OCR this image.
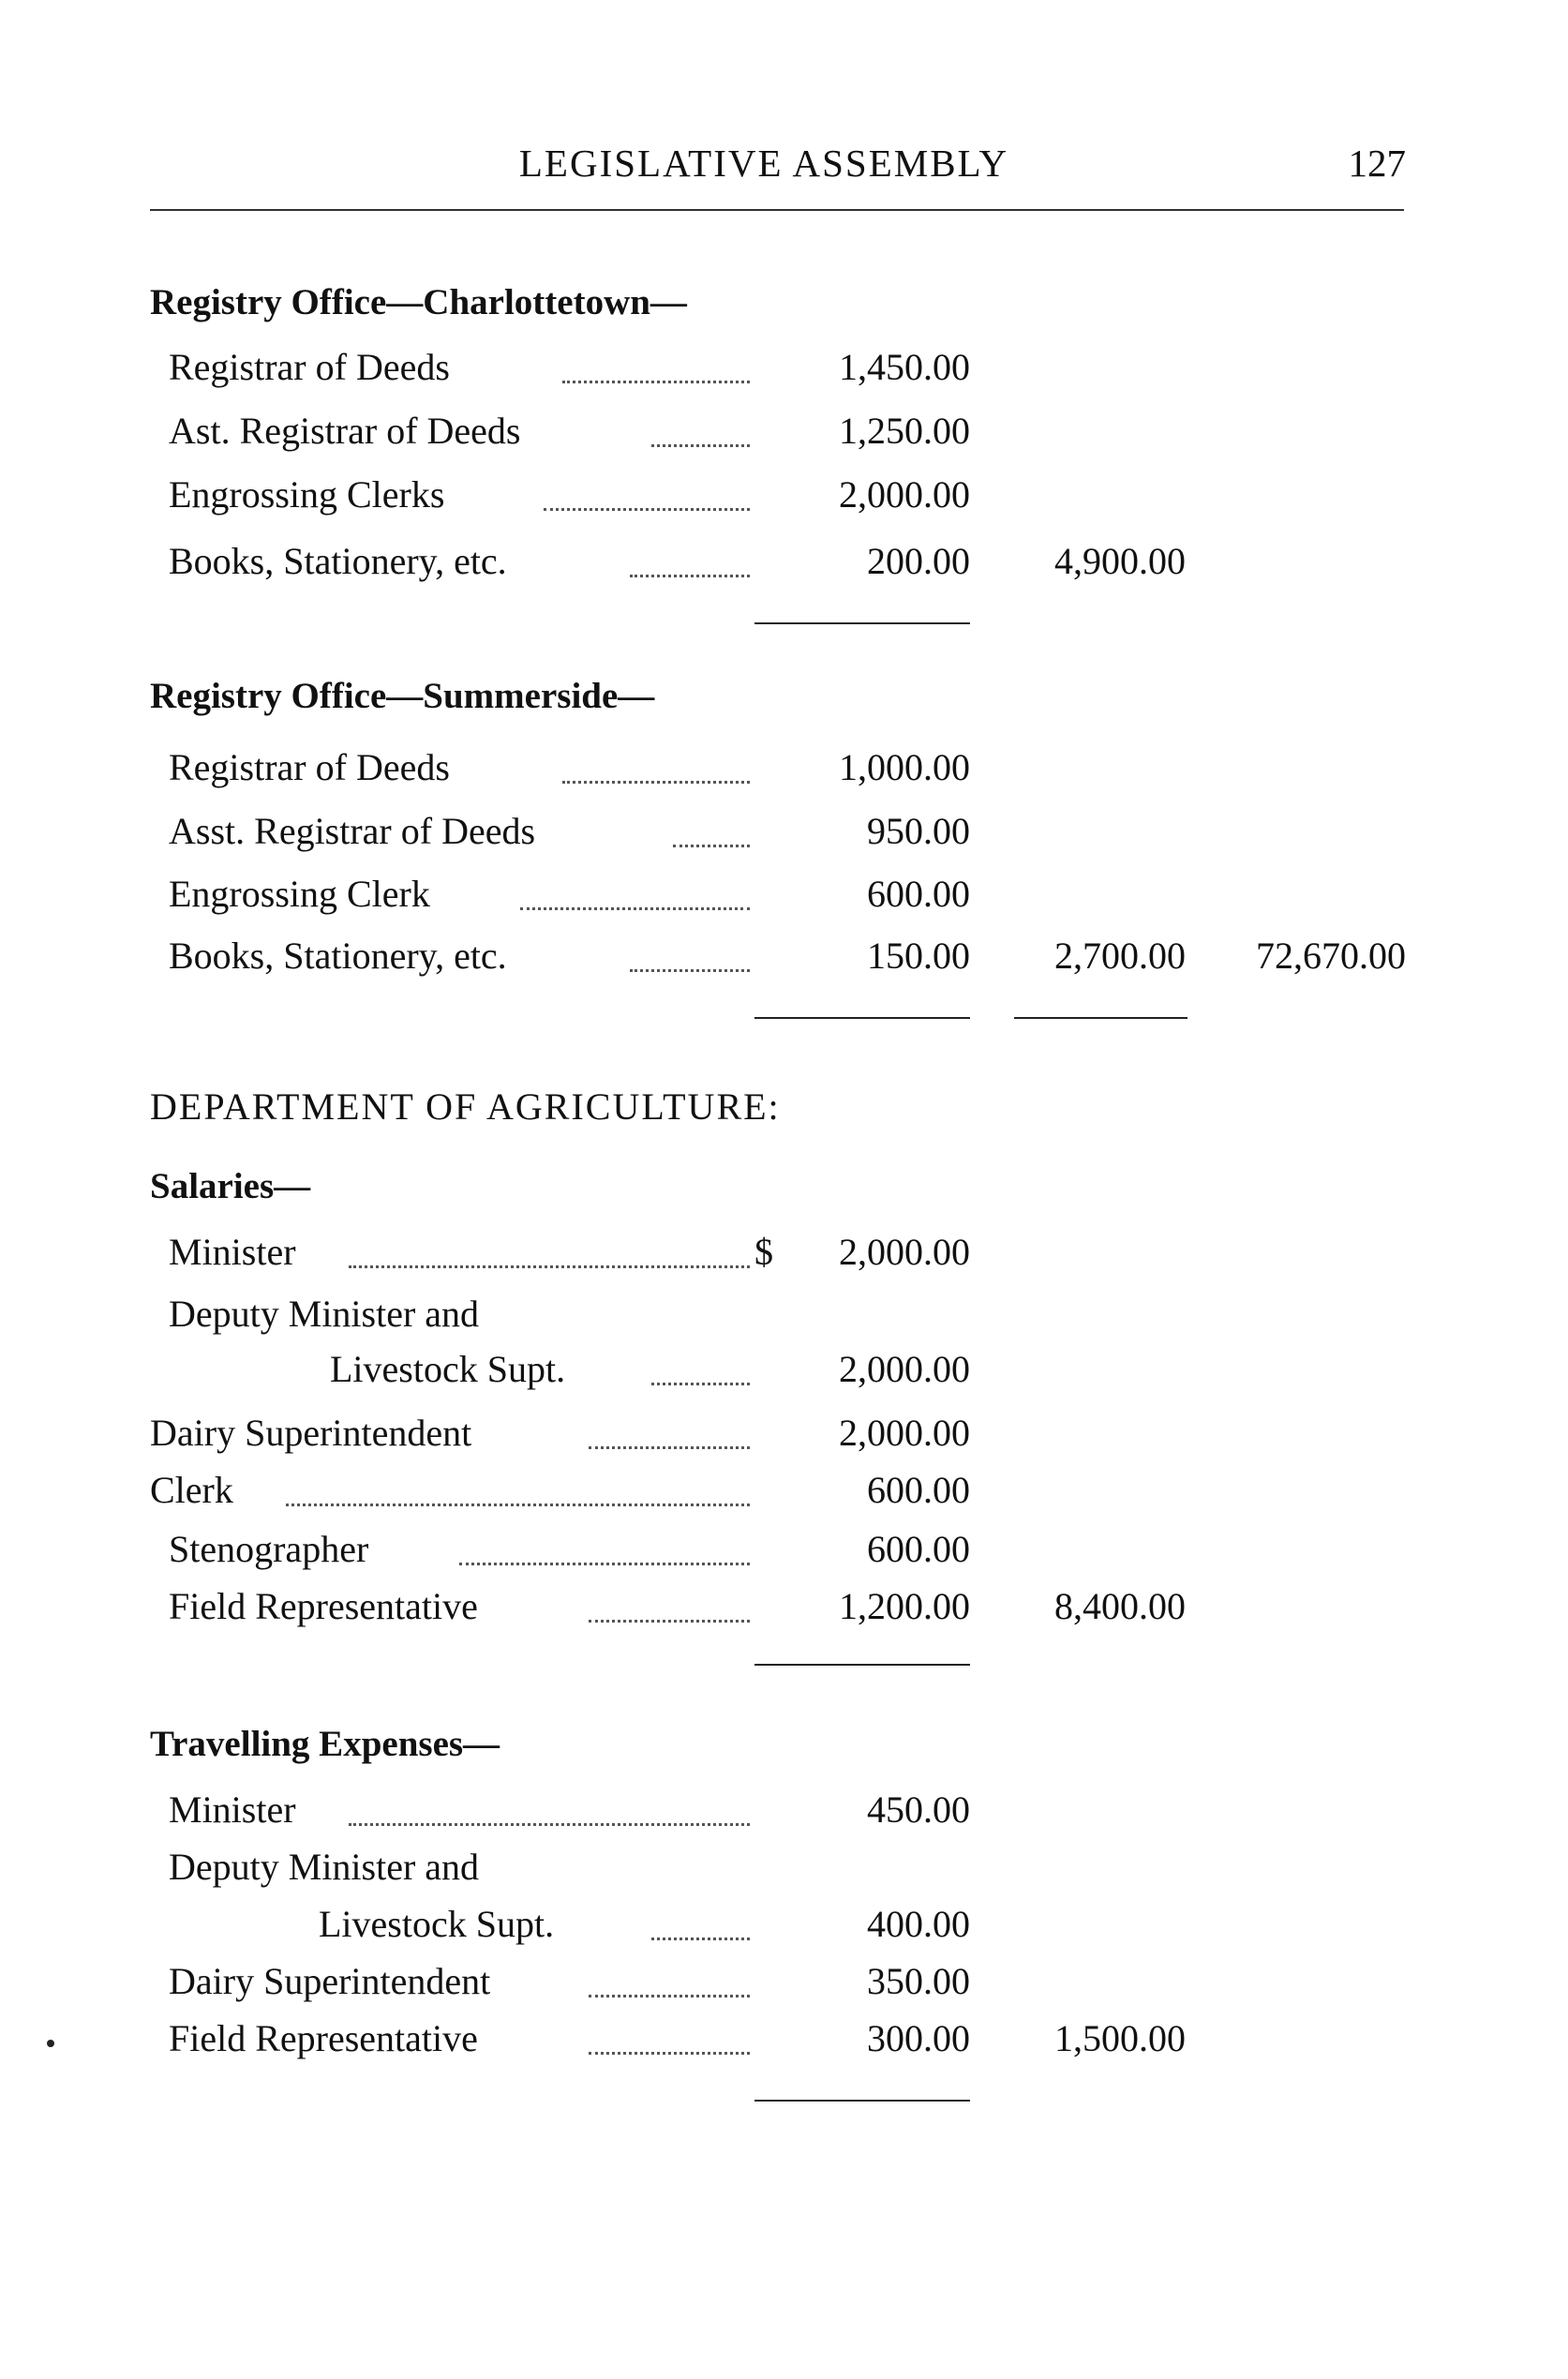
LEGISLATIVE ASSEMBLY	127
Registry Office—Charlottetown—
Registrar of Deeds	1,450.00
Ast. Registrar of Deeds	1,250.00
Engrossing Clerks	2,000.00
Books, Stationery, etc.	200.00	4,900.00
Registry Office—Summerside—
Registrar of Deeds	1,000.00
Asst. Registrar of Deeds	950.00
Engrossing Clerk	600.00
Books, Stationery, etc.	150.00	2,700.00	72,670.00
DEPARTMENT OF AGRICULTURE:
Salaries—
Minister	$	2,000.00
Deputy Minister and
Livestock Supt.	2,000.00
Dairy Superintendent	2,000.00
Clerk	600.00
Stenographer	600.00
Field Representative	1,200.00	8,400.00
Travelling Expenses—
Minister	450.00
Deputy Minister and
Livestock Supt.	400.00
Dairy Superintendent	350.00
Field Representative	300.00	1,500.00
